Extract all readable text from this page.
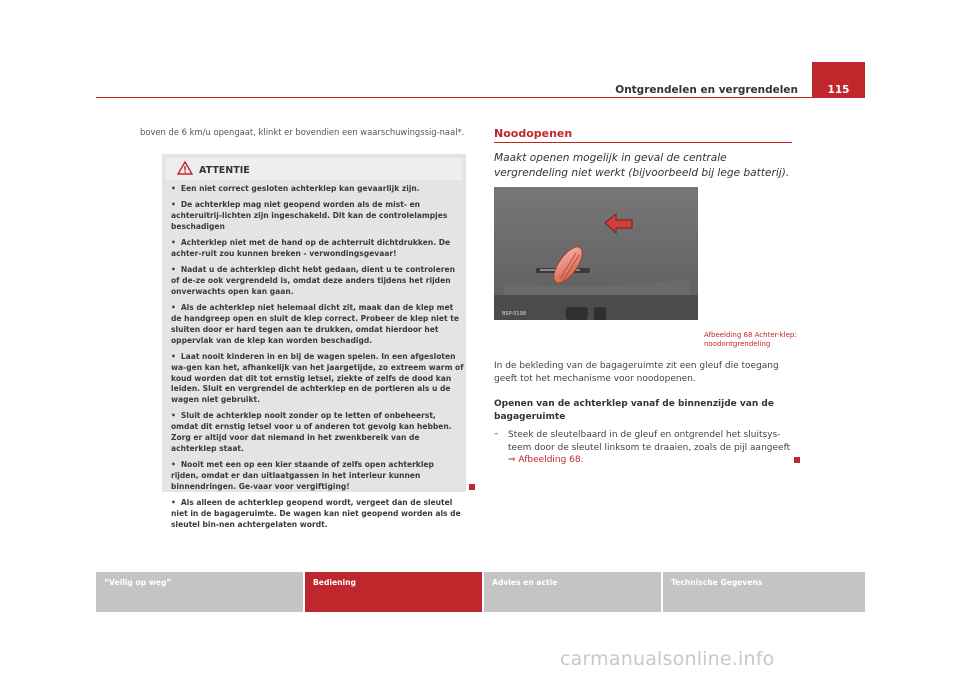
Ontgrendelen en vergrendelen	115
boven de 6 km/u opengaat, klinkt er bovendien een waarschuwingssig-naal*.
ATTENTIE
• Een niet correct gesloten achterklep kan gevaarlijk zijn.
• De achterklep mag niet geopend worden als de mist- en achteruitrij-lichten zijn ingeschakeld. Dit kan de controlelampjes beschadigen
• Achterklep niet met de hand op de achterruit dichtdrukken. De achter-ruit zou kunnen breken - verwondingsgevaar!
• Nadat u de achterklep dicht hebt gedaan, dient u te controleren of de-ze ook vergrendeld is, omdat deze anders tijdens het rijden onverwachts open kan gaan.
• Als de achterklep niet helemaal dicht zit, maak dan de klep met de handgreep open en sluit de klep correct. Probeer de klep niet te sluiten door er hard tegen aan te drukken, omdat hierdoor het oppervlak van de klep kan worden beschadigd.
• Laat nooit kinderen in en bij de wagen spelen. In een afgesloten wa-gen kan het, afhankelijk van het jaargetijde, zo extreem warm of koud worden dat dit tot ernstig letsel, ziekte of zelfs de dood kan leiden. Sluit en vergrendel de achterklep en de portieren als u de wagen niet gebruikt.
• Sluit de achterklep nooit zonder op te letten of onbeheerst, omdat dit ernstig letsel voor u of anderen tot gevolg kan hebben. Zorg er altijd voor dat niemand in het zwenkbereik van de achterklep staat.
• Nooit met een op een kier staande of zelfs open achterklep rijden, omdat er dan uitlaatgassen in het interieur kunnen binnendringen. Ge-vaar voor vergiftiging!
• Als alleen de achterklep geopend wordt, vergeet dan de sleutel niet in de bagageruimte. De wagen kan niet geopend worden als de sleutel bin-nen achtergelaten wordt.
Noodopenen
Maakt openen mogelijk in geval de centrale vergrendeling niet werkt (bijvoorbeeld bij lege batterij).
BSP-0198
Afbeelding 68 Achter-klep: noodontgrendeling
In de bekleding van de bagageruimte zit een gleuf die toegang geeft tot het mechanisme voor noodopenen.
Openen van de achterklep vanaf de binnenzijde van de bagageruimte
– Steek de sleutelbaard in de gleuf en ontgrendel het sluitsys-teem door de sleutel linksom te draaien, zoals de pijl aangeeft ⇒ Afbeelding 68.
“Veilig op weg”	Bediening	Advies en actie	Technische Gegevens
carmanualsonline.info
